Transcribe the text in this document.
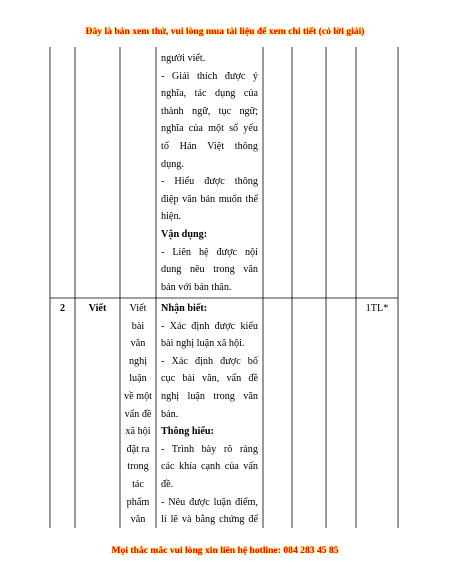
Đây là bản xem thử, vui lòng mua tài liệu để xem chi tiết (có lời giải)
người viết.
- Giải thích được ý
nghĩa, tác dụng của
thành ngữ, tục ngữ;
nghĩa của một số yếu
tố Hán Việt thông
dụng.
- Hiểu được thông
điệp văn bản muốn thể
hiện.
Vận dụng:
- Liên hệ được nội
dung nêu trong văn
bản với bản thân.
2	Viết	Viết
bài
văn
nghị
luận
về một
vấn đề
xã hội
đặt ra
trong
tác
phẩm
văn
Nhận biết:
- Xác định được kiểu
bài nghị luận xã hội.
- Xác định được bố
cục bài văn, vấn đề
nghị luận trong văn
bản.
Thông hiểu:
- Trình bày rõ ràng
các khía cạnh của vấn
đề.
- Nêu được luận điểm,
lí lẽ và bằng chứng để
1TL*
Mọi thắc mắc vui lòng xin liên hệ hotline: 084 283 45 85
